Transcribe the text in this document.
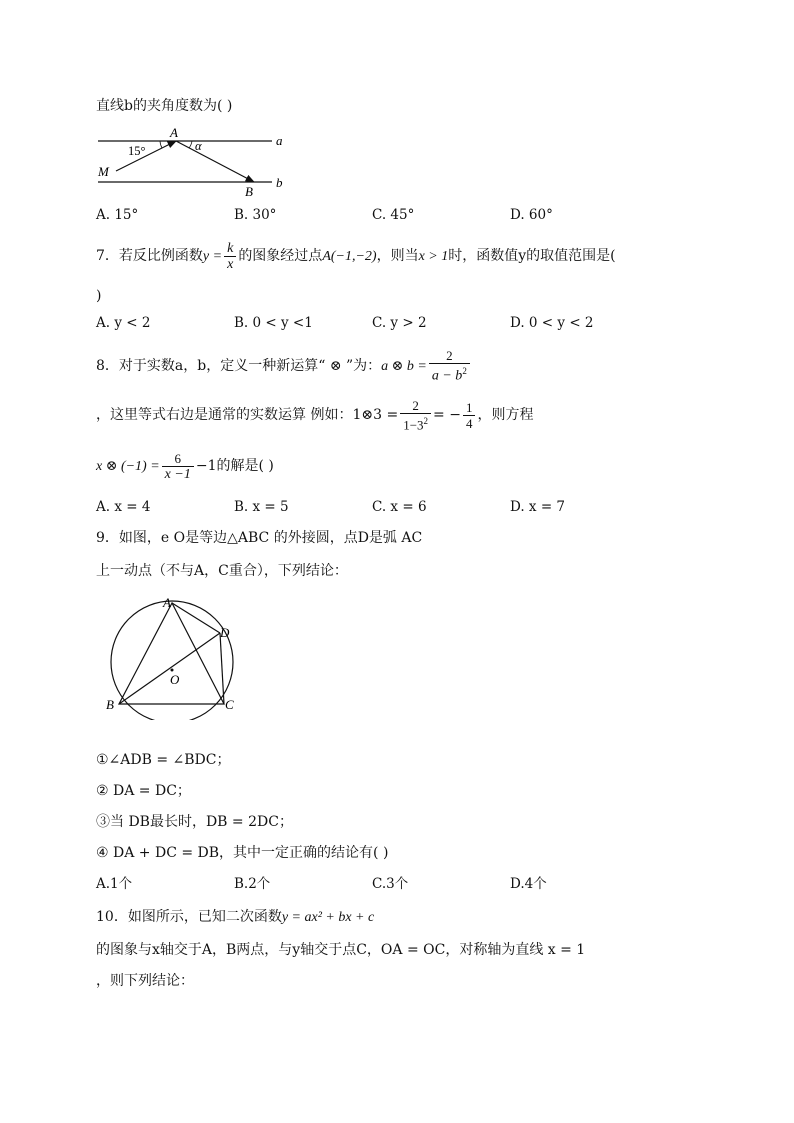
直线b的夹角度数为( )
A
M
B
a
b
15°	α
A. 15°	B. 30°	C. 45°	D. 60°
7．若反比例函数$y = \frac{k}{x}$ 的图象经过点A(−1,−2)，则当x > 1时，函数值y的取值范围是(
)
A. y < 2	B. 0 < y <1	C. y > 2	D. 0 < y < 2
8．对于实数a，b，定义一种新运算“ ⊗ ”为：a ⊗ $b = \frac{2}{a - b^2}$
，这里等式右边是通常的实数运算 例如：1⊗3 = $\frac{2}{1-3^2}$ = − $\frac{1}{4}$ ，则方程
x ⊗ $(-1) = \frac{6}{x -1} -1$的解是( )
A. x = 4	B. x = 5	C. x = 6	D. x = 7
9．如图，e O是等边△ABC 的外接圆，点D是弧 AC
上一动点（不与A，C重合），下列结论：
A
D
O
B	C
①∠ADB = ∠BDC；
② DA = DC；
③当 DB最长时，DB = 2DC；
④ DA + DC = DB，其中一定正确的结论有( )
A.1个	B.2个	C.3个	D.4个
10．如图所示，已知二次函数y = ax² + bx + c
的图象与x轴交于A，B两点，与y轴交于点C，OA = OC，对称轴为直线 x = 1
，则下列结论：
